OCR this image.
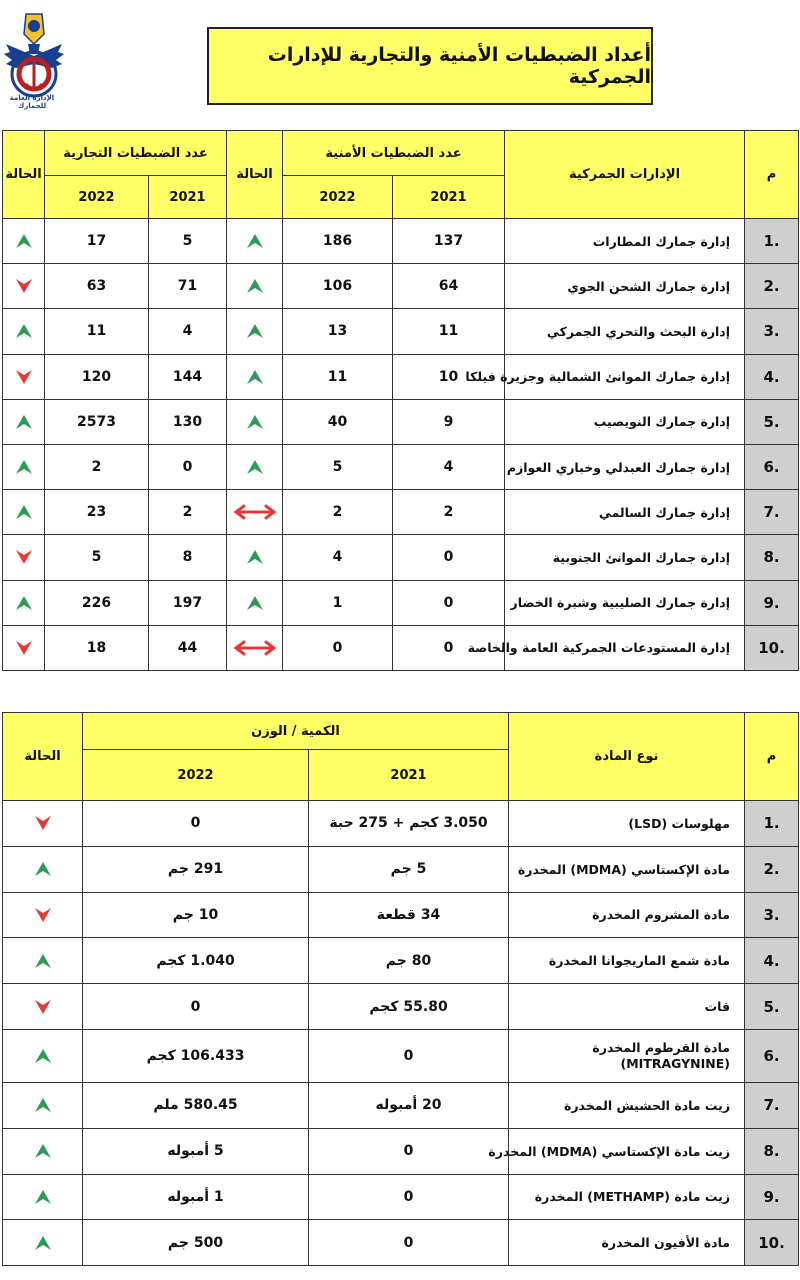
الإدارة العامة للجمارك
أعداد الضبطيات الأمنية والتجارية للإدارات الجمركية
م	الإدارات الجمركية	عدد الضبطيات الأمنية		الحالة	عدد الضبطيات التجارية		الحالة
		2021	2022		2021	2022	
1.	إدارة جمارك المطارات	137	186		5	17	
2.	إدارة جمارك الشحن الجوي	64	106		71	63	
3.	إدارة البحث والتحري الجمركي	11	13		4	11	
4.	إدارة جمارك الموانئ الشمالية وجزيرة فيلكا	10	11		144	120	
5.	إدارة جمارك النويصيب	9	40		130	2573	
6.	إدارة جمارك العبدلي وخباري العوازم	4	5		0	2	
7.	إدارة جمارك السالمي	2	2		2	23	
8.	إدارة جمارك الموانئ الجنوبية	0	4		8	5	
9.	إدارة جمارك الصليبية وشبرة الخضار	0	1		197	226	
10.	إدارة المستودعات الجمركية العامة والخاصة	0	0		44	18	
م	نوع المادة	الكمية / الوزن		الحالة
		2021	2022	
1.	مهلوسات (LSD)	3.050 كجم + 275 حبة	0	
2.	مادة الإكستاسي (MDMA) المخدرة	5 جم	291 جم	
3.	مادة المشروم المخدرة	34 قطعة	10 جم	
4.	مادة شمع الماريجوانا المخدرة	80 جم	1.040 كجم	
5.	قات	55.80 كجم	0	
6.	مادة القرطوم المخدرة (MITRAGYNINE)	0	106.433 كجم	
7.	زيت مادة الحشيش المخدرة	20 أمبوله	580.45 ملم	
8.	زيت مادة الإكستاسي (MDMA) المخدرة	0	5 أمبوله	
9.	زيت مادة (METHAMP) المخدرة	0	1 أمبوله	
10.	مادة الأفيون المخدرة	0	500 جم	
